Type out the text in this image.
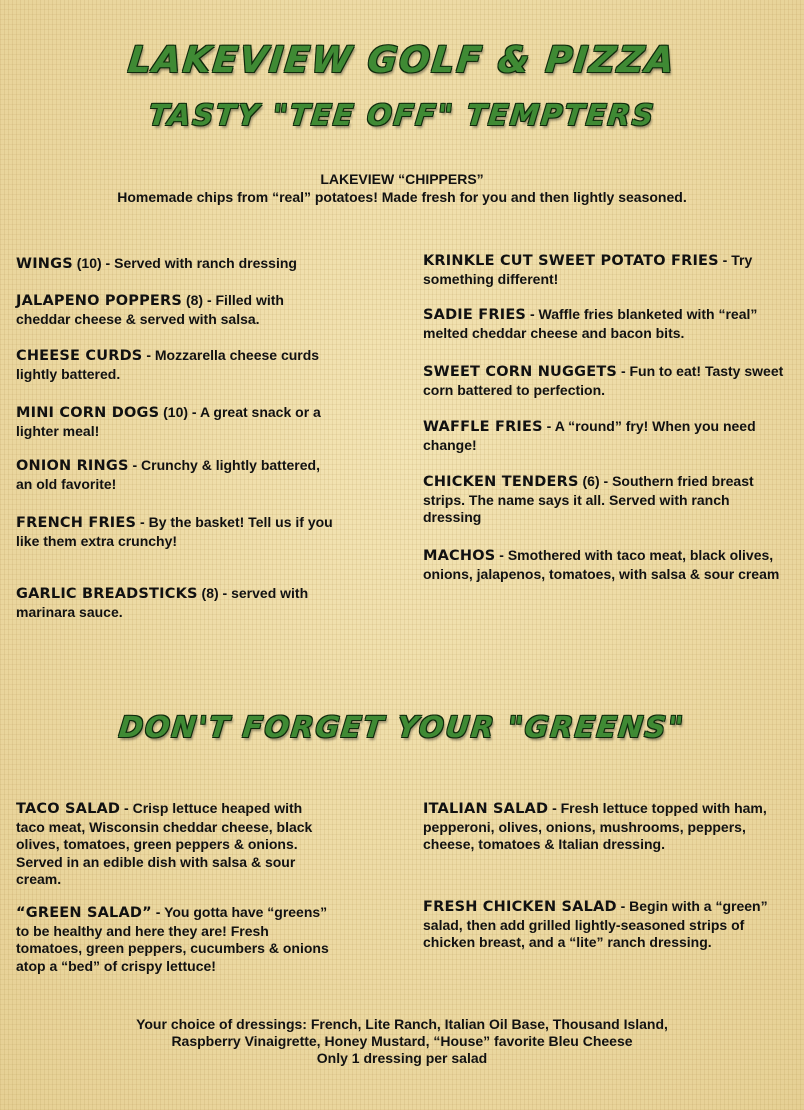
LAKEVIEW GOLF & PIZZA
TASTY "TEE OFF" TEMPTERS
LAKEVIEW “CHIPPERS”
Homemade chips from “real” potatoes! Made fresh for you and then lightly seasoned.
WINGS (10) - Served with ranch dressing
JALAPENO POPPERS (8) - Filled with cheddar cheese & served with salsa.
CHEESE CURDS - Mozzarella cheese curds lightly battered.
MINI CORN DOGS (10) - A great snack or a lighter meal!
ONION RINGS - Crunchy & lightly battered, an old favorite!
FRENCH FRIES - By the basket! Tell us if you like them extra crunchy!
GARLIC BREADSTICKS (8) - served with marinara sauce.
KRINKLE CUT SWEET POTATO FRIES - Try something different!
SADIE FRIES - Waffle fries blanketed with “real” melted cheddar cheese and bacon bits.
SWEET CORN NUGGETS - Fun to eat! Tasty sweet corn battered to perfection.
WAFFLE FRIES - A “round” fry! When you need change!
CHICKEN TENDERS (6) - Southern fried breast strips. The name says it all. Served with ranch dressing
MACHOS - Smothered with taco meat, black olives, onions, jalapenos, tomatoes, with salsa & sour cream
DON'T FORGET YOUR "GREENS"
TACO SALAD - Crisp lettuce heaped with taco meat, Wisconsin cheddar cheese, black olives, tomatoes, green peppers & onions. Served in an edible dish with salsa & sour cream.
“GREEN SALAD” - You gotta have “greens” to be healthy and here they are! Fresh tomatoes, green peppers, cucumbers & onions atop a “bed” of crispy lettuce!
ITALIAN SALAD - Fresh lettuce topped with ham, pepperoni, olives, onions, mushrooms, peppers, cheese, tomatoes & Italian dressing.
FRESH CHICKEN SALAD - Begin with a “green” salad, then add grilled lightly-seasoned strips of chicken breast, and a “lite” ranch dressing.
Your choice of dressings: French, Lite Ranch, Italian Oil Base, Thousand Island,
Raspberry Vinaigrette, Honey Mustard, “House” favorite Bleu Cheese
Only 1 dressing per salad
